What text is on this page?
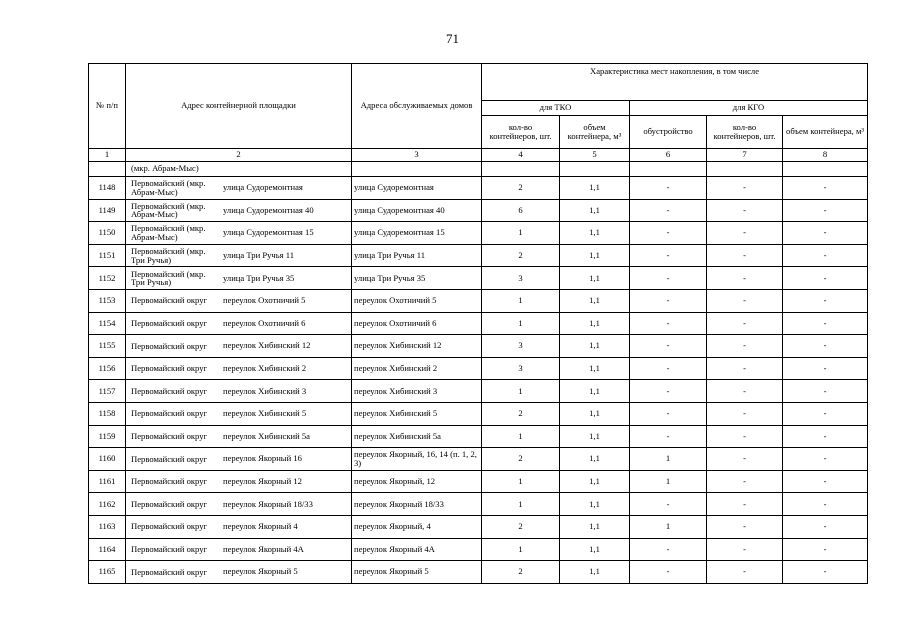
71
№ п/п	Адрес контейнерной площадки	Адреса обслуживаемых домов	Характеристика мест накопления, в том числе				
			для ТКО		для КГО		
			кол-во контейнеров, шт.	объем контейнера, м³	обустройство	кол-во контейнеров, шт.	объем контейнера, м³
1	2	3	4	5	6	7	8
	(мкр. Абрам-Мыс)						
1148	Первомайский (мкр. Абрам-Мыс) улица Судоремонтная	улица Судоремонтная	2	1,1	-	-	-
1149	Первомайский (мкр. Абрам-Мыс) улица Судоремонтная 40	улица Судоремонтная 40	6	1,1	-	-	-
1150	Первомайский (мкр. Абрам-Мыс) улица Судоремонтная 15	улица Судоремонтная 15	1	1,1	-	-	-
1151	Первомайский (мкр. Три Ручья) улица Три Ручья 11	улица Три Ручья 11	2	1,1	-	-	-
1152	Первомайский (мкр. Три Ручья) улица Три Ручья 35	улица Три Ручья 35	3	1,1	-	-	-
1153	Первомайский округ переулок Охотничий 5	переулок Охотничий 5	1	1,1	-	-	-
1154	Первомайский округ переулок Охотничий 6	переулок Охотничий 6	1	1,1	-	-	-
1155	Первомайский округ переулок Хибинский 12	переулок Хибинский 12	3	1,1	-	-	-
1156	Первомайский округ переулок Хибинский 2	переулок Хибинский 2	3	1,1	-	-	-
1157	Первомайский округ переулок Хибинский 3	переулок Хибинский 3	1	1,1	-	-	-
1158	Первомайский округ переулок Хибинский 5	переулок Хибинский 5	2	1,1	-	-	-
1159	Первомайский округ переулок Хибинский 5а	переулок Хибинский 5а	1	1,1	-	-	-
1160	Первомайский округ переулок Якорный 16	переулок Якорный, 16, 14 (п. 1, 2, 3)	2	1,1	1	-	-
1161	Первомайский округ переулок Якорный 12	переулок Якорный, 12	1	1,1	1	-	-
1162	Первомайский округ переулок Якорный 18/33	переулок Якорный 18/33	1	1,1	-	-	-
1163	Первомайский округ переулок Якорный 4	переулок Якорный, 4	2	1,1	1	-	-
1164	Первомайский округ переулок Якорный 4А	переулок Якорный 4А	1	1,1	-	-	-
1165	Первомайский округ переулок Якорный 5	переулок Якорный 5	2	1,1	-	-	-
